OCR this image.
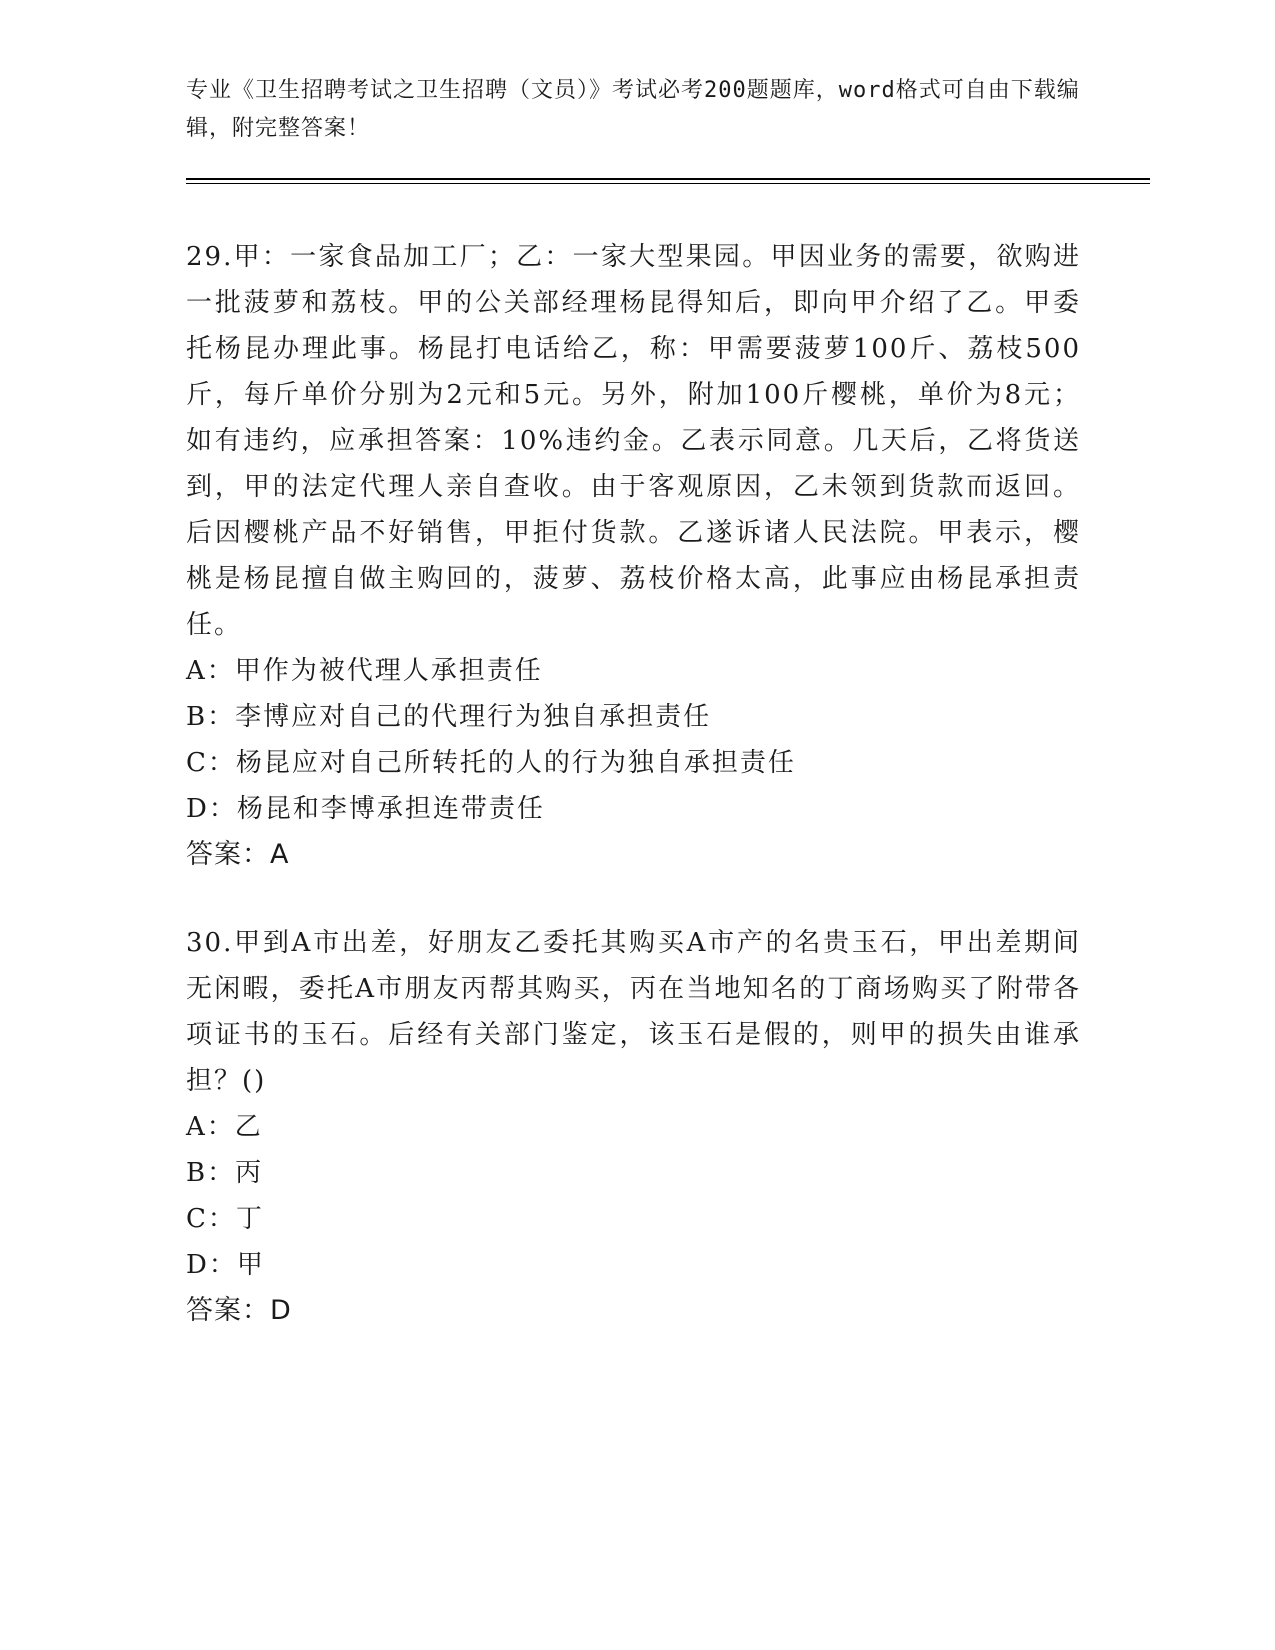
专业《卫生招聘考试之卫生招聘（文员）》考试必考200题题库，word格式可自由下载编辑，附完整答案！
29.甲：一家食品加工厂；乙：一家大型果园。甲因业务的需要，欲购进一批菠萝和荔枝。甲的公关部经理杨昆得知后，即向甲介绍了乙。甲委托杨昆办理此事。杨昆打电话给乙，称：甲需要菠萝100斤、荔枝500斤，每斤单价分别为2元和5元。另外，附加100斤樱桃，单价为8元；如有违约，应承担答案：10%违约金。乙表示同意。几天后，乙将货送到，甲的法定代理人亲自查收。由于客观原因，乙未领到货款而返回。后因樱桃产品不好销售，甲拒付货款。乙遂诉诸人民法院。甲表示，樱桃是杨昆擅自做主购回的，菠萝、荔枝价格太高，此事应由杨昆承担责任。
A：甲作为被代理人承担责任
B：李博应对自己的代理行为独自承担责任
C：杨昆应对自己所转托的人的行为独自承担责任
D：杨昆和李博承担连带责任
答案：A
30.甲到A市出差，好朋友乙委托其购买A市产的名贵玉石，甲出差期间无闲暇，委托A市朋友丙帮其购买，丙在当地知名的丁商场购买了附带各项证书的玉石。后经有关部门鉴定，该玉石是假的，则甲的损失由谁承担？()
A：乙
B：丙
C：丁
D：甲
答案：D
